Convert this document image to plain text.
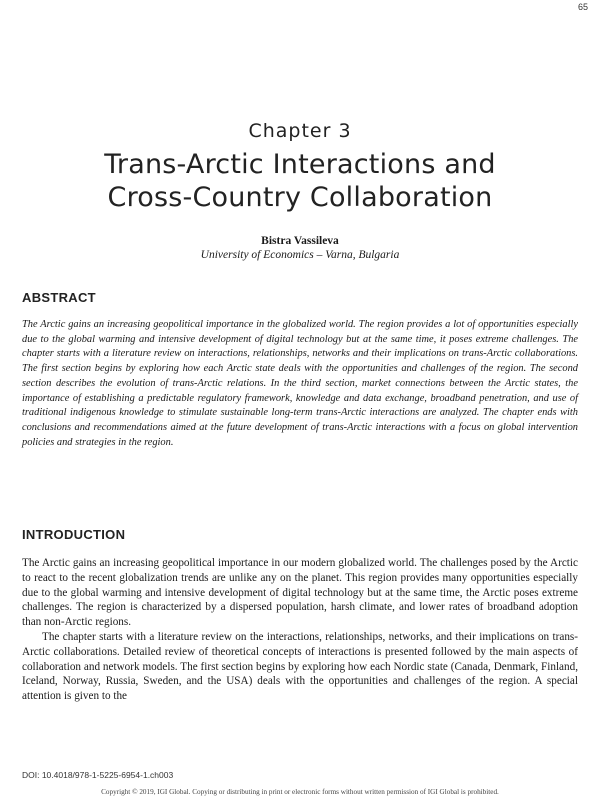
65
Chapter 3
Trans-Arctic Interactions and
Cross-Country Collaboration
Bistra Vassileva
University of Economics – Varna, Bulgaria
ABSTRACT
The Arctic gains an increasing geopolitical importance in the globalized world. The region provides a lot of opportunities especially due to the global warming and intensive development of digital technology but at the same time, it poses extreme challenges. The chapter starts with a literature review on interactions, relationships, networks and their implications on trans-Arctic collaborations. The first section begins by exploring how each Arctic state deals with the opportunities and challenges of the region. The second section describes the evolution of trans-Arctic relations. In the third section, market connections between the Arctic states, the importance of establishing a predictable regulatory framework, knowledge and data exchange, broadband penetration, and use of traditional indigenous knowledge to stimulate sustainable long-term trans-Arctic interactions are analyzed. The chapter ends with conclusions and recommendations aimed at the future development of trans-Arctic interactions with a focus on global intervention policies and strategies in the region.
INTRODUCTION

The Arctic gains an increasing geopolitical importance in our modern globalized world. The challenges posed by the Arctic to react to the recent globalization trends are unlike any on the planet. This region provides many opportunities especially due to the global warming and intensive development of digital technology but at the same time, the Arctic poses extreme challenges. The region is characterized by a dispersed population, harsh climate, and lower rates of broadband adoption than non-Arctic regions.

The chapter starts with a literature review on the interactions, relationships, networks, and their implications on trans-Arctic collaborations. Detailed review of theoretical concepts of interactions is presented followed by the main aspects of collaboration and network models. The first section begins by exploring how each Nordic state (Canada, Denmark, Finland, Iceland, Norway, Russia, Sweden, and the USA) deals with the opportunities and challenges of the region. A special attention is given to the

DOI: 10.4018/978-1-5225-6954-1.ch003
Copyright © 2019, IGI Global. Copying or distributing in print or electronic forms without written permission of IGI Global is prohibited.
